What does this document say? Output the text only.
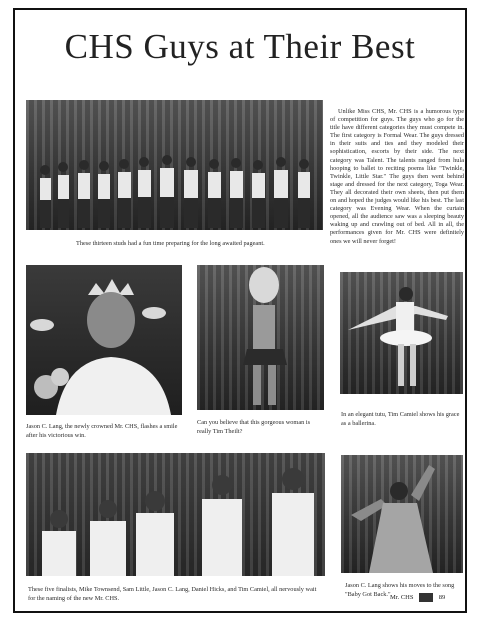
CHS Guys at Their Best
These thirteen studs had a fun time preparing for the long awaited pageant.
Unlike Miss CHS, Mr. CHS is a humorous type of competition for guys. The guys who go for the title have different categories they must compete in. The first category is Formal Wear. The guys dressed in their suits and ties and they modeled their sophistication, escorts by their side. The next category was Talent. The talents ranged from hula hooping to ballet to reciting poems like "Twinkle, Twinkle, Little Star." The guys then went behind stage and dressed for the next category, Toga Wear. They all decorated their own sheets, then put them on and hoped the judges would like his best. The last category was Evening Wear. When the curtain opened, all the audience saw was a sleeping beauty waking up and crawling out of bed. All in all, the performances given for Mr. CHS were definitely ones we will never forget!
Jason C. Lang, the newly crowned Mr. CHS, flashes a smile after his victorious win.
Can you believe that this gorgeous woman is really Tim Theilt?
In an elegant tutu, Tim Camiel shows his grace as a ballerina.
These five finalists, Mike Townsend, Sam Little, Jason C. Lang, Daniel Hicks, and Tim Camiel, all nervously wait for the naming of the new Mr. CHS.
Jason C. Lang shows his moves to the song "Baby Got Back." Mr. CHS	89
